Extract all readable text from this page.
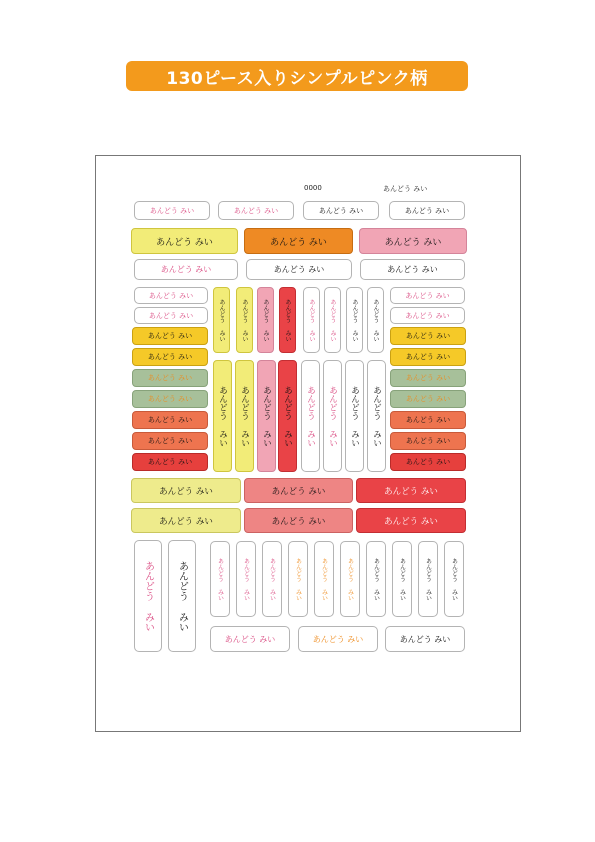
130ピース入りシンプルピンク柄
0000	あんどう みい
あんどう みい	あんどう みい	あんどう みい	あんどう みい
あんどう みい	あんどう みい	あんどう みい
あんどう みい	あんどう みい	あんどう みい
あんどう みい
あんどう みい
あんどう みい
あんどう みい
あんどう みい
あんどう みい
あんどう みい
あんどう みい
あんどう みい
あんどう みい
あんどう みい
あんどう みい
あんどう みい
あんどう みい
あんどう みい
あんどう みい
あんどう みい
あんどう みい
あんどう みい	あんどう みい	あんどう みい	あんどう みい	あんどう みい	あんどう みい	あんどう みい	あんどう みい
あんどう みい	あんどう みい	あんどう みい	あんどう みい	あんどう みい	あんどう みい	あんどう みい	あんどう みい
あんどう みい	あんどう みい	あんどう みい
あんどう みい	あんどう みい	あんどう みい
あんどう みい	あんどう みい	あんどう みい	あんどう みい	あんどう みい	あんどう みい	あんどう みい	あんどう みい	あんどう みい	あんどう みい	あんどう みい	あんどう みい
あんどう みい	あんどう みい	あんどう みい
